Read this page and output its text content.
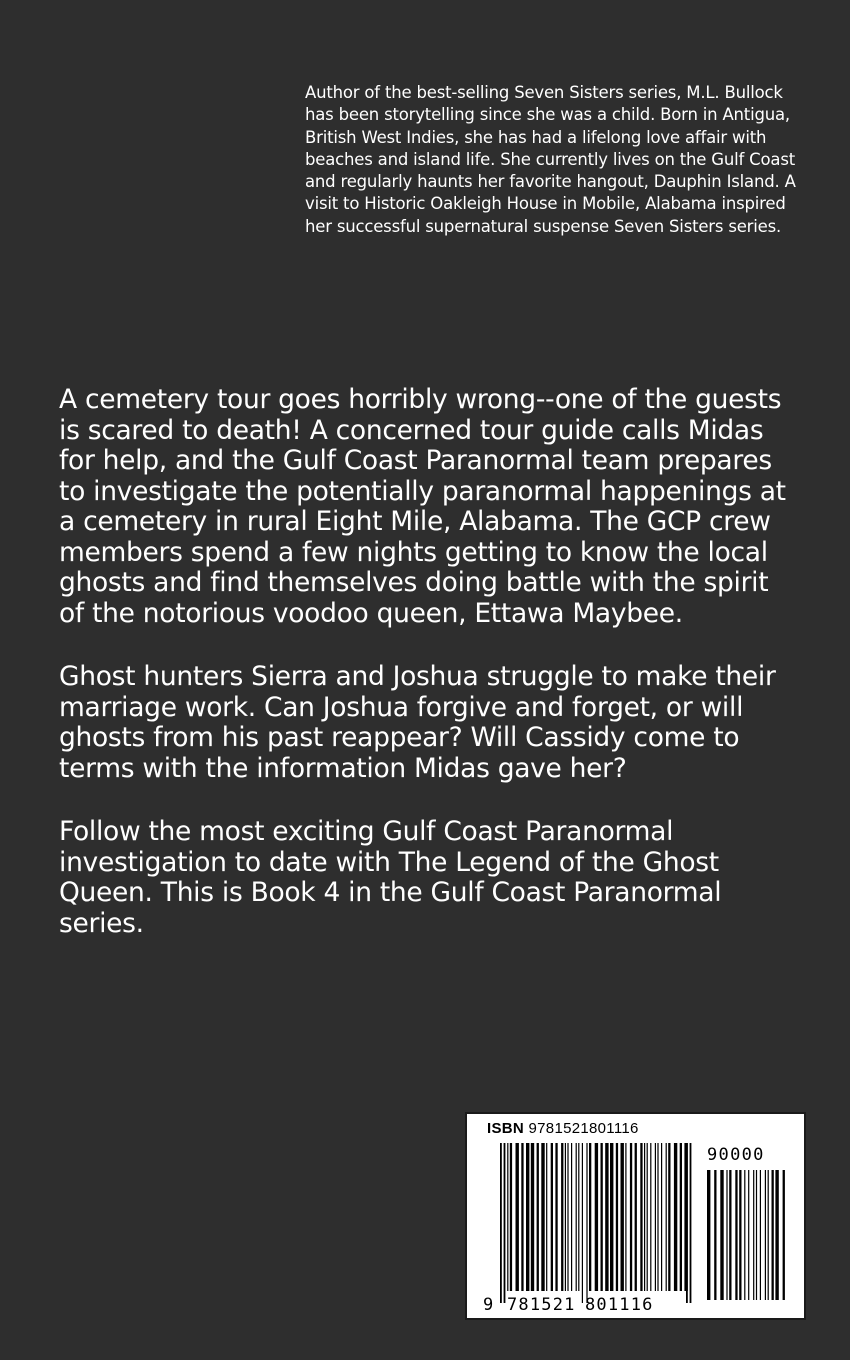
Author of the best-selling Seven Sisters series, M.L. Bullock has been storytelling since she was a child. Born in Antigua, British West Indies, she has had a lifelong love affair with beaches and island life. She currently lives on the Gulf Coast and regularly haunts her favorite hangout, Dauphin Island. A visit to Historic Oakleigh House in Mobile, Alabama inspired her successful supernatural suspense Seven Sisters series.

A cemetery tour goes horribly wrong--one of the guests is scared to death! A concerned tour guide calls Midas for help, and the Gulf Coast Paranormal team prepares to investigate the potentially paranormal happenings at a cemetery in rural Eight Mile, Alabama. The GCP crew members spend a few nights getting to know the local ghosts and find themselves doing battle with the spirit of the notorious voodoo queen, Ettawa Maybee.

Ghost hunters Sierra and Joshua struggle to make their marriage work. Can Joshua forgive and forget, or will ghosts from his past reappear? Will Cassidy come to terms with the information Midas gave her?

Follow the most exciting Gulf Coast Paranormal investigation to date with The Legend of the Ghost Queen. This is Book 4 in the Gulf Coast Paranormal series.

ISBN 9781521801116
90000
9 781521 801116
